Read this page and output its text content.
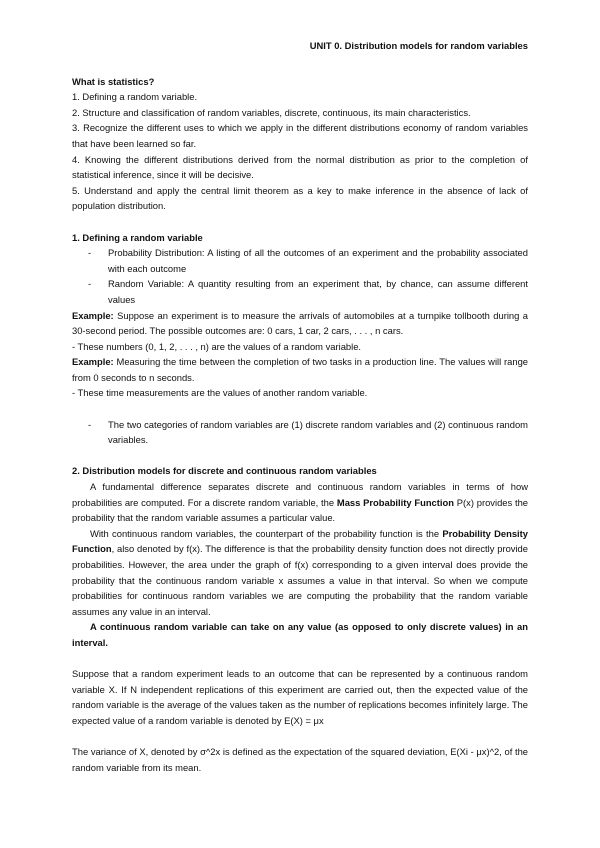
UNIT 0. Distribution models for random variables

What is statistics?

1. Defining a random variable.

2. Structure and classification of random variables, discrete, continuous, its main characteristics.

3. Recognize the different uses to which we apply in the different distributions economy of random variables that have been learned so far.

4. Knowing the different distributions derived from the normal distribution as prior to the completion of statistical inference, since it will be decisive.

5. Understand and apply the central limit theorem as a key to make inference in the absence of lack of population distribution.

1. Defining a random variable

- Probability Distribution: A listing of all the outcomes of an experiment and the probability associated with each outcome
- Random Variable: A quantity resulting from an experiment that, by chance, can assume different values

Example: Suppose an experiment is to measure the arrivals of automobiles at a turnpike tollbooth during a 30-second period. The possible outcomes are: 0 cars, 1 car, 2 cars, . . . , n cars.

- These numbers (0, 1, 2, . . . , n) are the values of a random variable.

Example: Measuring the time between the completion of two tasks in a production line. The values will range from 0 seconds to n seconds.

- These time measurements are the values of another random variable.

- The two categories of random variables are (1) discrete random variables and (2) continuous random variables.

2. Distribution models for discrete and continuous random variables

A fundamental difference separates discrete and continuous random variables in terms of how probabilities are computed. For a discrete random variable, the Mass Probability Function P(x) provides the probability that the random variable assumes a particular value.

With continuous random variables, the counterpart of the probability function is the Probability Density Function, also denoted by f(x). The difference is that the probability density function does not directly provide probabilities. However, the area under the graph of f(x) corresponding to a given interval does provide the probability that the continuous random variable x assumes a value in that interval. So when we compute probabilities for continuous random variables we are computing the probability that the random variable assumes any value in an interval.

A continuous random variable can take on any value (as opposed to only discrete values) in an interval.

Suppose that a random experiment leads to an outcome that can be represented by a continuous random variable X. If N independent replications of this experiment are carried out, then the expected value of the random variable is the average of the values taken as the number of replications becomes infinitely large. The expected value of a random variable is denoted by E(X) = μx

The variance of X, denoted by σ^2x is defined as the expectation of the squared deviation, E(Xi - μx)^2, of the random variable from its mean.
